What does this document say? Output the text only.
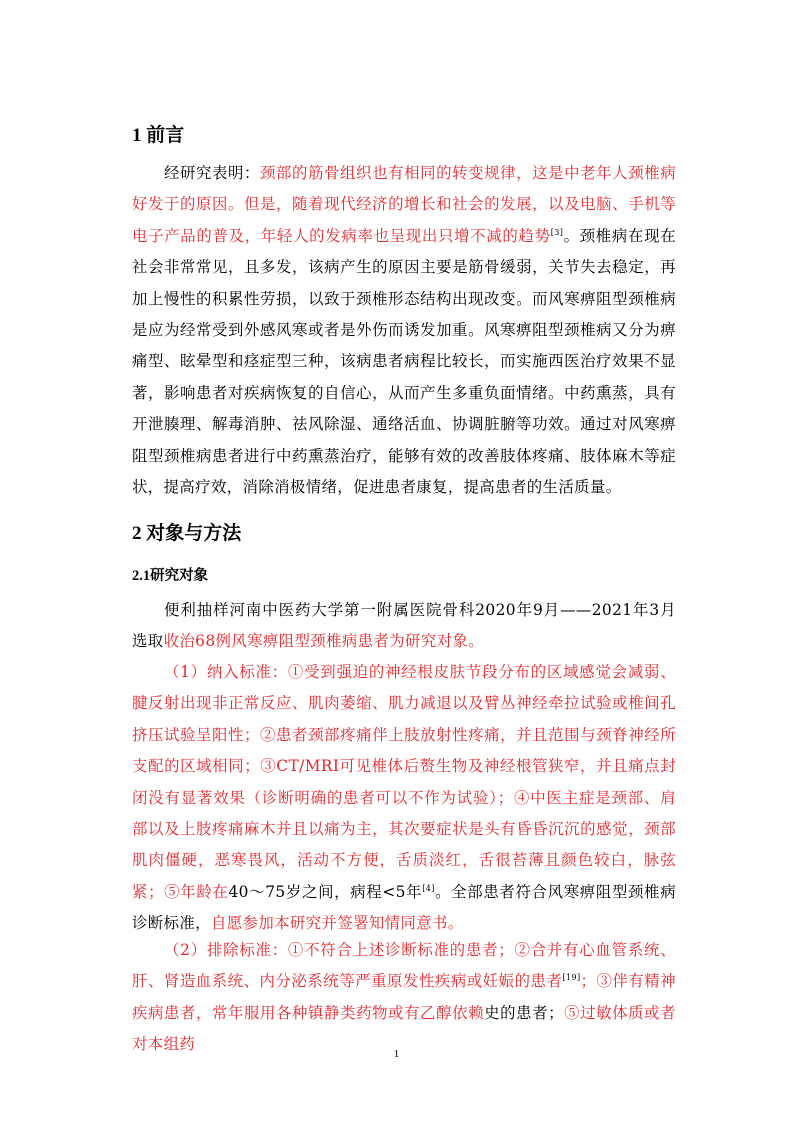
1 前言

经研究表明：颈部的筋骨组织也有相同的转变规律，这是中老年人颈椎病好发于的原因。但是，随着现代经济的增长和社会的发展，以及电脑、手机等电子产品的普及，年轻人的发病率也呈现出只增不减的趋势[3]。颈椎病在现在社会非常常见，且多发，该病产生的原因主要是筋骨缓弱，关节失去稳定，再加上慢性的积累性劳损，以致于颈椎形态结构出现改变。而风寒痹阻型颈椎病是应为经常受到外感风寒或者是外伤而诱发加重。风寒痹阻型颈椎病又分为痹痛型、眩晕型和痉症型三种，该病患者病程比较长，而实施西医治疗效果不显著，影响患者对疾病恢复的自信心，从而产生多重负面情绪。中药熏蒸，具有开泄腠理、解毒消肿、祛风除湿、通络活血、协调脏腑等功效。通过对风寒痹阻型颈椎病患者进行中药熏蒸治疗，能够有效的改善肢体疼痛、肢体麻木等症状，提高疗效，消除消极情绪，促进患者康复，提高患者的生活质量。

2 对象与方法
2.1研究对象

便利抽样河南中医药大学第一附属医院骨科2020年9月——2021年3月选取收治68例风寒痹阻型颈椎病患者为研究对象。

（1）纳入标准：①受到强迫的神经根皮肤节段分布的区域感觉会减弱、腱反射出现非正常反应、肌肉萎缩、肌力减退以及臂丛神经牵拉试验或椎间孔挤压试验呈阳性；②患者颈部疼痛伴上肢放射性疼痛，并且范围与颈脊神经所支配的区域相同；③CT/MRI可见椎体后赘生物及神经根管狭窄，并且痛点封闭没有显著效果（诊断明确的患者可以不作为试验）；④中医主症是颈部、肩部以及上肢疼痛麻木并且以痛为主，其次要症状是头有昏昏沉沉的感觉，颈部肌肉僵硬，恶寒畏风，活动不方便，舌质淡红，舌很苔薄且颜色较白，脉弦紧；⑤年龄在40～75岁之间，病程<5年[4]。全部患者符合风寒痹阻型颈椎病诊断标准，自愿参加本研究并签署知情同意书。

（2）排除标准：①不符合上述诊断标准的患者；②合并有心血管系统、肝、肾造血系统、内分泌系统等严重原发性疾病或妊娠的患者[19]；③伴有精神疾病患者，常年服用各种镇静类药物或有乙醇依赖史的患者；⑤过敏体质或者对本组药

1
